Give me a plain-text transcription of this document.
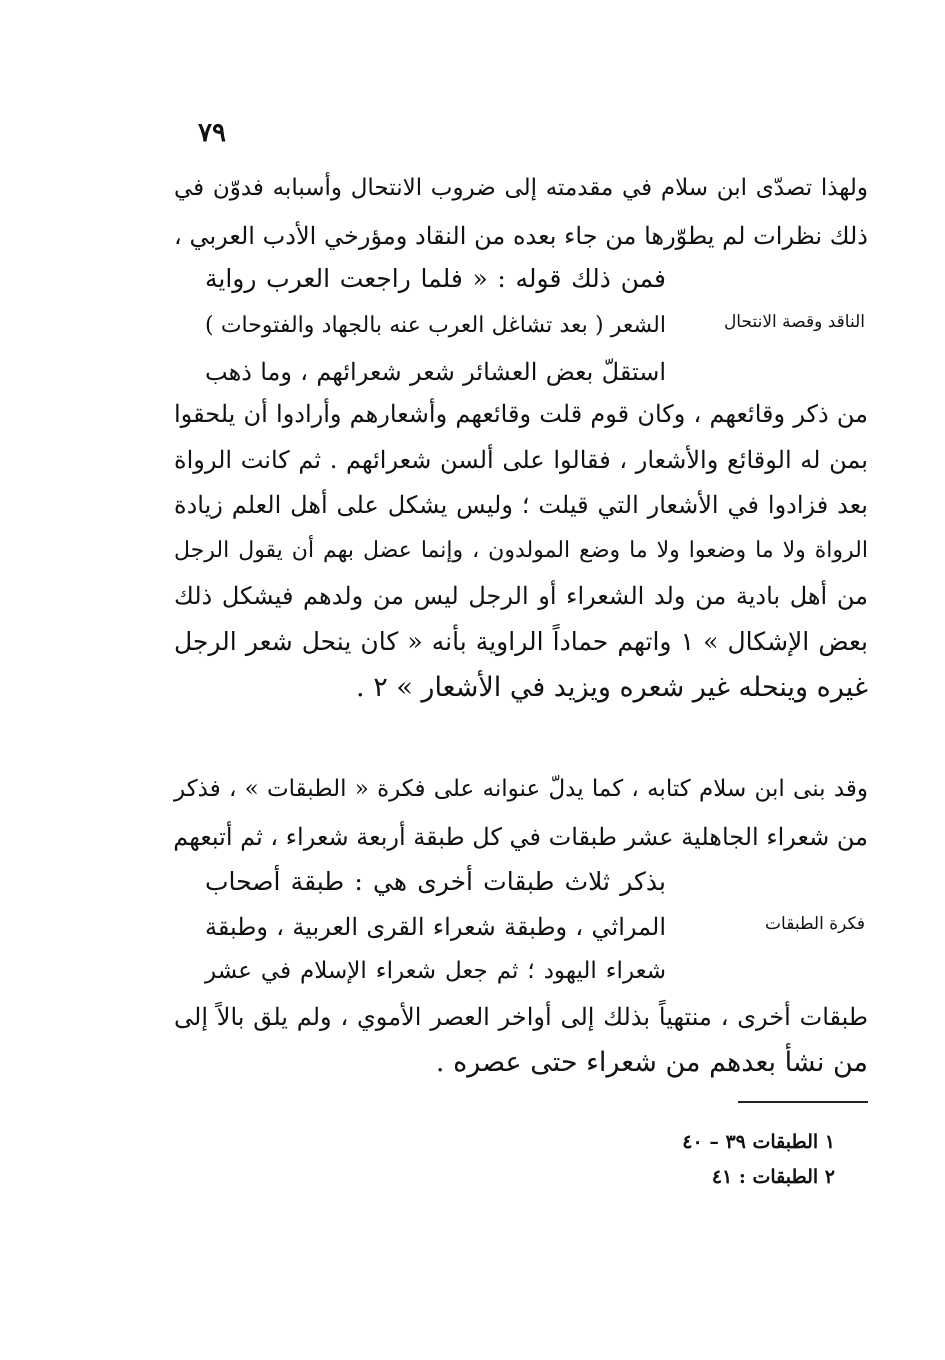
٧٩
ولهذا تصدّى ابن سلام في مقدمته إلى ضروب الانتحال وأسبابه فدوّن في
ذلك نظرات لم يطوّرها من جاء بعده من النقاد ومؤرخي الأدب العربي ،
فمن ذلك قوله : « فلما راجعت العرب رواية
الشعر ( بعد تشاغل العرب عنه بالجهاد والفتوحات )
استقلّ بعض العشائر شعر شعرائهم ، وما ذهب
من ذكر وقائعهم ، وكان قوم قلت وقائعهم وأشعارهم وأرادوا أن يلحقوا
بمن له الوقائع والأشعار ، فقالوا على ألسن شعرائهم . ثم كانت الرواة
بعد فزادوا في الأشعار التي قيلت ؛ وليس يشكل على أهل العلم زيادة
الرواة ولا ما وضعوا ولا ما وضع المولدون ، وإنما عضل بهم أن يقول الرجل
من أهل بادية من ولد الشعراء أو الرجل ليس من ولدهم فيشكل ذلك
بعض الإشكال » ١ واتهم حماداً الراوية بأنه « كان ينحل شعر الرجل
غيره وينحله غير شعره ويزيد في الأشعار » ٢ .
الناقد وقصة الانتحال
وقد بنى ابن سلام كتابه ، كما يدلّ عنوانه على فكرة « الطبقات » ، فذكر
من شعراء الجاهلية عشر طبقات في كل طبقة أربعة شعراء ، ثم أتبعهم
بذكر ثلاث طبقات أخرى هي : طبقة أصحاب
المراثي ، وطبقة شعراء القرى العربية ، وطبقة
شعراء اليهود ؛ ثم جعل شعراء الإسلام في عشر
طبقات أخرى ، منتهياً بذلك إلى أواخر العصر الأموي ، ولم يلق بالاً إلى
من نشأ بعدهم من شعراء حتى عصره .
فكرة الطبقات
١ الطبقات ٣٩ – ٤٠
٢ الطبقات : ٤١
